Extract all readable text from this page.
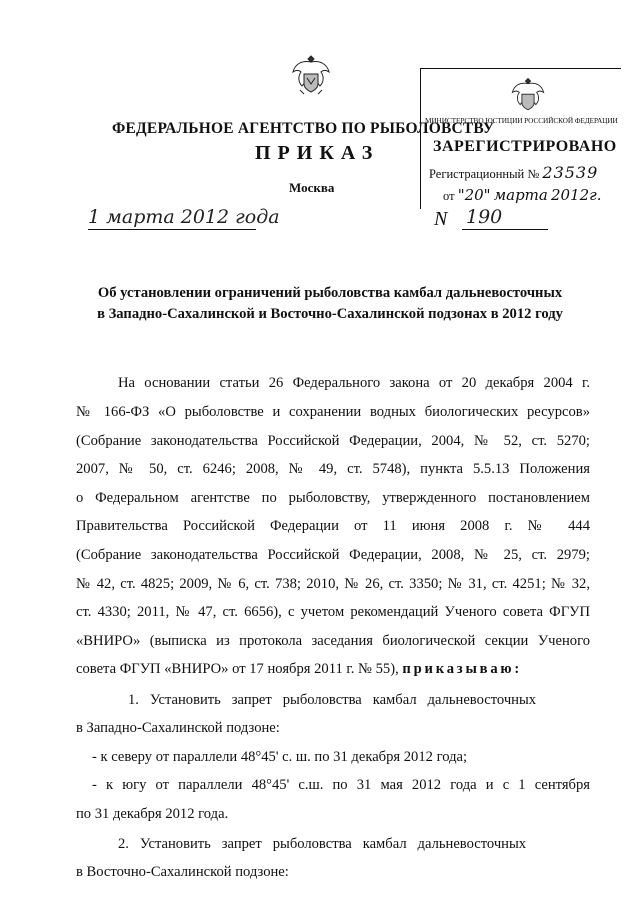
ФЕДЕРАЛЬНОЕ АГЕНТСТВО ПО РЫБОЛОВСТВУ
ПРИКАЗ
Москва
1 марта 2012 года	N 190
МИНИСТЕРСТВО ЮСТИЦИИ РОССИЙСКОЙ ФЕДЕРАЦИИ
ЗАРЕГИСТРИРОВАНО
Регистрационный № 23539
от "20" марта 2012г.
Об установлении ограничений рыболовства камбал дальневосточных
в Западно-Сахалинской и Восточно-Сахалинской подзонах в 2012 году
На основании статьи 26 Федерального закона от 20 декабря 2004 г.
№ 166-ФЗ «О рыболовстве и сохранении водных биологических ресурсов»
(Собрание законодательства Российской Федерации, 2004, № 52, ст. 5270;
2007, № 50, ст. 6246; 2008, № 49, ст. 5748), пункта 5.5.13 Положения
о Федеральном агентстве по рыболовству, утвержденного постановлением
Правительства Российской Федерации от 11 июня 2008 г. № 444
(Собрание законодательства Российской Федерации, 2008, № 25, ст. 2979;
№ 42, ст. 4825; 2009, № 6, ст. 738; 2010, № 26, ст. 3350; № 31, ст. 4251; № 32,
ст. 4330; 2011, № 47, ст. 6656), с учетом рекомендаций Ученого совета ФГУП
«ВНИРО» (выписка из протокола заседания биологической секции Ученого
совета ФГУП «ВНИРО» от 17 ноября 2011 г. № 55), приказываю:
1.   Установить   запрет   рыболовства   камбал   дальневосточных
в Западно-Сахалинской подзоне:
- к северу от параллели 48°45' с. ш. по 31 декабря 2012 года;
- к югу от параллели 48°45' с.ш. по 31 мая 2012 года и с 1 сентября
по 31 декабря 2012 года.
2.   Установить   запрет   рыболовства   камбал   дальневосточных
в Восточно-Сахалинской подзоне:
